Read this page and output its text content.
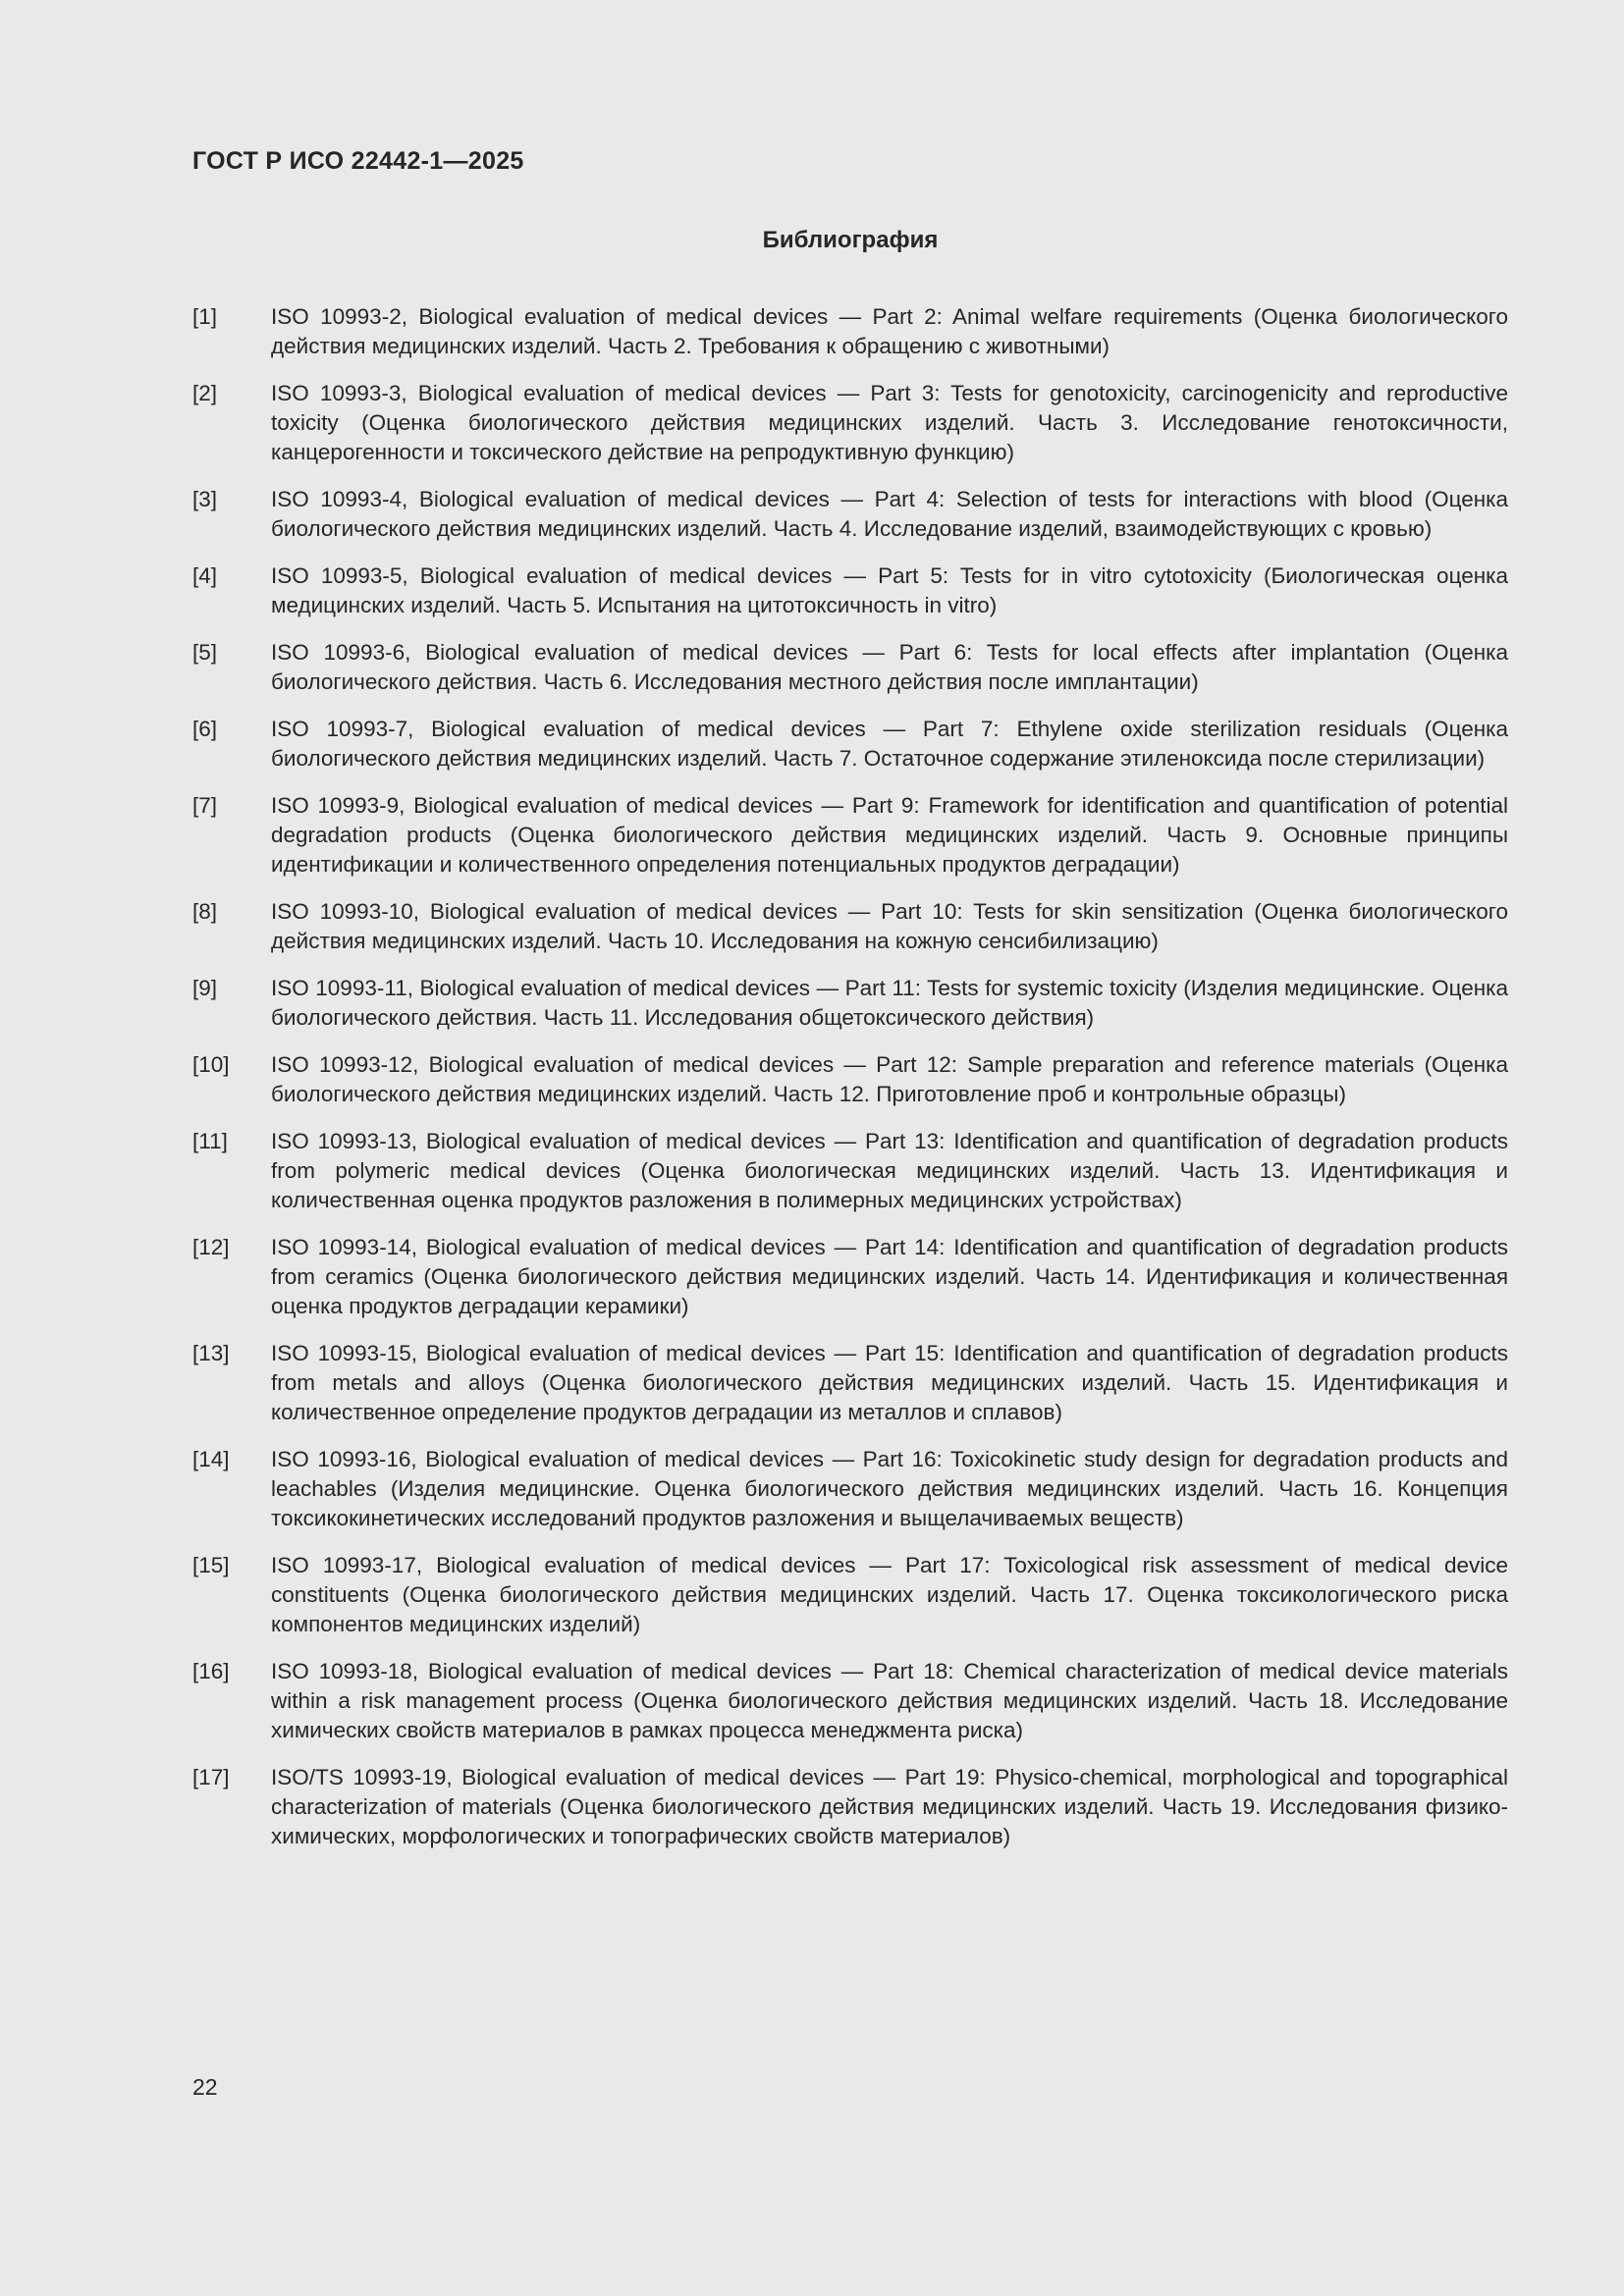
ГОСТ Р ИСО 22442-1—2025
Библиография
[1]	ISO 10993-2, Biological evaluation of medical devices — Part 2: Animal welfare requirements (Оценка биологического действия медицинских изделий. Часть 2. Требования к обращению с животными)
[2]	ISO 10993-3, Biological evaluation of medical devices — Part 3: Tests for genotoxicity, carcinogenicity and reproductive toxicity (Оценка биологического действия медицинских изделий. Часть 3. Исследование генотоксичности, канцерогенности и токсического действие на репродуктивную функцию)
[3]	ISO 10993-4, Biological evaluation of medical devices — Part 4: Selection of tests for interactions with blood (Оценка биологического действия медицинских изделий. Часть 4. Исследование изделий, взаимодействующих с кровью)
[4]	ISO 10993-5, Biological evaluation of medical devices — Part 5: Tests for in vitro cytotoxicity (Биологическая оценка медицинских изделий. Часть 5. Испытания на цитотоксичность in vitro)
[5]	ISO 10993-6, Biological evaluation of medical devices — Part 6: Tests for local effects after implantation (Оценка биологического действия. Часть 6. Исследования местного действия после имплантации)
[6]	ISO 10993-7, Biological evaluation of medical devices — Part 7: Ethylene oxide sterilization residuals (Оценка биологического действия медицинских изделий. Часть 7. Остаточное содержание этиленоксида после стерилизации)
[7]	ISO 10993-9, Biological evaluation of medical devices — Part 9: Framework for identification and quantification of potential degradation products (Оценка биологического действия медицинских изделий. Часть 9. Основные принципы идентификации и количественного определения потенциальных продуктов деградации)
[8]	ISO 10993-10, Biological evaluation of medical devices — Part 10: Tests for skin sensitization (Оценка биологического действия медицинских изделий. Часть 10. Исследования на кожную сенсибилизацию)
[9]	ISO 10993-11, Biological evaluation of medical devices — Part 11: Tests for systemic toxicity (Изделия медицинские. Оценка биологического действия. Часть 11. Исследования общетоксического действия)
[10]	ISO 10993-12, Biological evaluation of medical devices — Part 12: Sample preparation and reference materials (Оценка биологического действия медицинских изделий. Часть 12. Приготовление проб и контрольные образцы)
[11]	ISO 10993-13, Biological evaluation of medical devices — Part 13: Identification and quantification of degradation products from polymeric medical devices (Оценка биологическая медицинских изделий. Часть 13. Идентификация и количественная оценка продуктов разложения в полимерных медицинских устройствах)
[12]	ISO 10993-14, Biological evaluation of medical devices — Part 14: Identification and quantification of degradation products from ceramics (Оценка биологического действия медицинских изделий. Часть 14. Идентификация и количественная оценка продуктов деградации керамики)
[13]	ISO 10993-15, Biological evaluation of medical devices — Part 15: Identification and quantification of degradation products from metals and alloys (Оценка биологического действия медицинских изделий. Часть 15. Идентификация и количественное определение продуктов деградации из металлов и сплавов)
[14]	ISO 10993-16, Biological evaluation of medical devices — Part 16: Toxicokinetic study design for degradation products and leachables (Изделия медицинские. Оценка биологического действия медицинских изделий. Часть 16. Концепция токсикокинетических исследований продуктов разложения и выщелачиваемых веществ)
[15]	ISO 10993-17, Biological evaluation of medical devices — Part 17: Toxicological risk assessment of medical device constituents (Оценка биологического действия медицинских изделий. Часть 17. Оценка токсикологического риска компонентов медицинских изделий)
[16]	ISO 10993-18, Biological evaluation of medical devices — Part 18: Chemical characterization of medical device materials within a risk management process (Оценка биологического действия медицинских изделий. Часть 18. Исследование химических свойств материалов в рамках процесса менеджмента риска)
[17]	ISO/TS 10993-19, Biological evaluation of medical devices — Part 19: Physico-chemical, morphological and topographical characterization of materials (Оценка биологического действия медицинских изделий. Часть 19. Исследования физико-химических, морфологических и топографических свойств материалов)
22
